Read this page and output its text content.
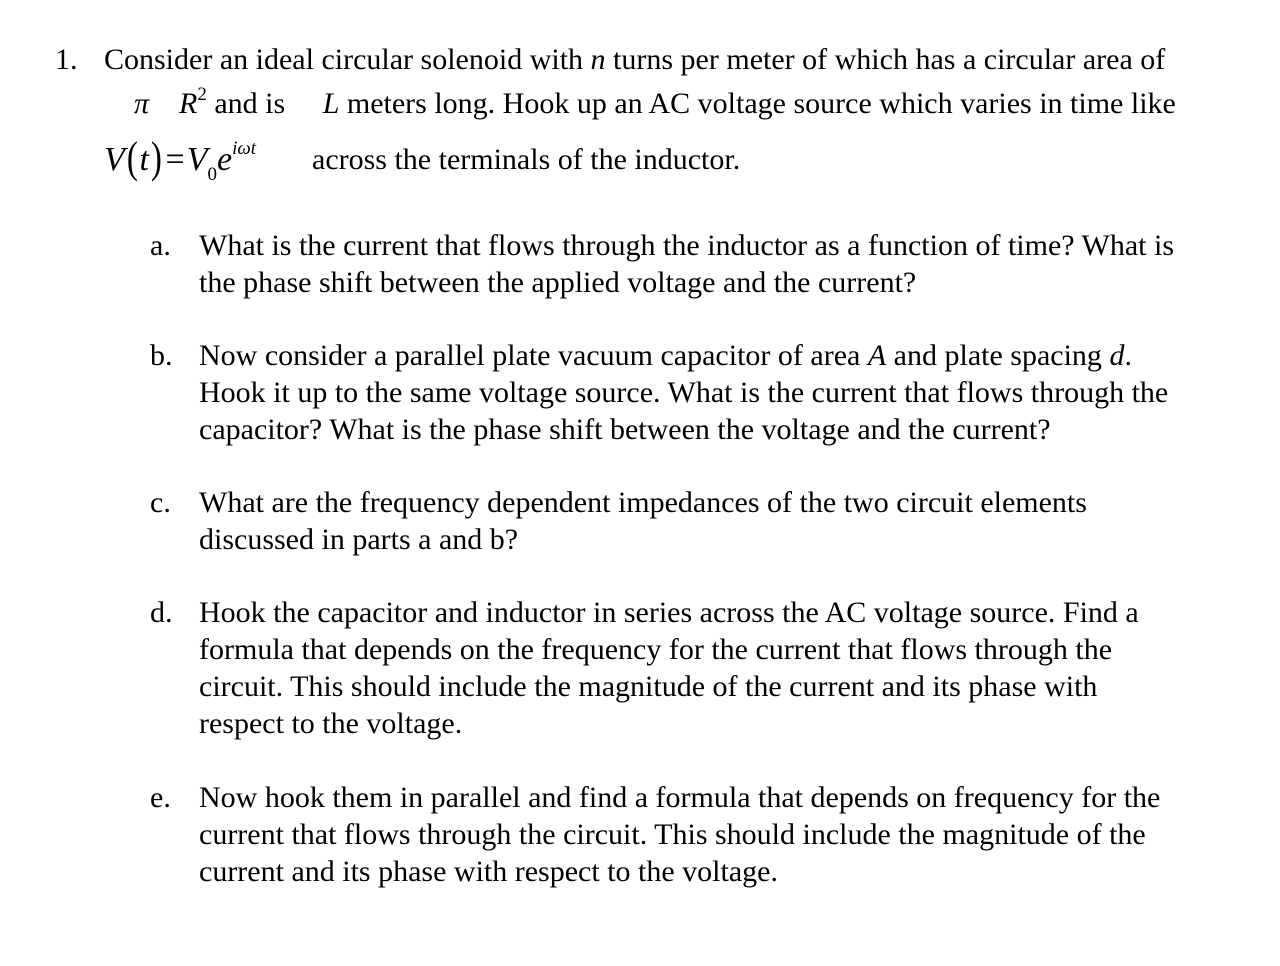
1. Consider an ideal circular solenoid with n turns per meter of which has a circular area of
π $R^2$ and is L meters long. Hook up an AC voltage source which varies in time like
$V(t) =V_0e^{i\omega t}$ across the terminals of the inductor.
a. What is the current that flows through the inductor as a function of time? What is
the phase shift between the applied voltage and the current?
b. Now consider a parallel plate vacuum capacitor of area A and plate spacing d.
Hook it up to the same voltage source. What is the current that flows through the
capacitor? What is the phase shift between the voltage and the current?
c. What are the frequency dependent impedances of the two circuit elements
discussed in parts a and b?
d. Hook the capacitor and inductor in series across the AC voltage source. Find a
formula that depends on the frequency for the current that flows through the
circuit. This should include the magnitude of the current and its phase with
respect to the voltage.
e. Now hook them in parallel and find a formula that depends on frequency for the
current that flows through the circuit. This should include the magnitude of the
current and its phase with respect to the voltage.
